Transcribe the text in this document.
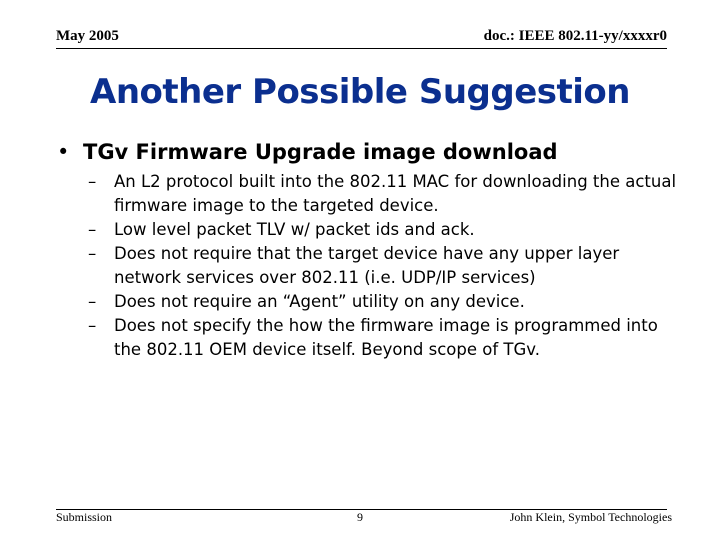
May 2005	doc.: IEEE 802.11-yy/xxxxr0
Another Possible Suggestion
• TGv Firmware Upgrade image download
– An L2 protocol built into the 802.11 MAC for downloading the actual firmware image to the targeted device.
– Low level packet TLV w/ packet ids and ack.
– Does not require that the target device have any upper layer network services over 802.11 (i.e. UDP/IP services)
– Does not require an “Agent” utility on any device.
– Does not specify the how the firmware image is programmed into the 802.11 OEM device itself. Beyond scope of TGv.
Submission	9	John Klein, Symbol Technologies
